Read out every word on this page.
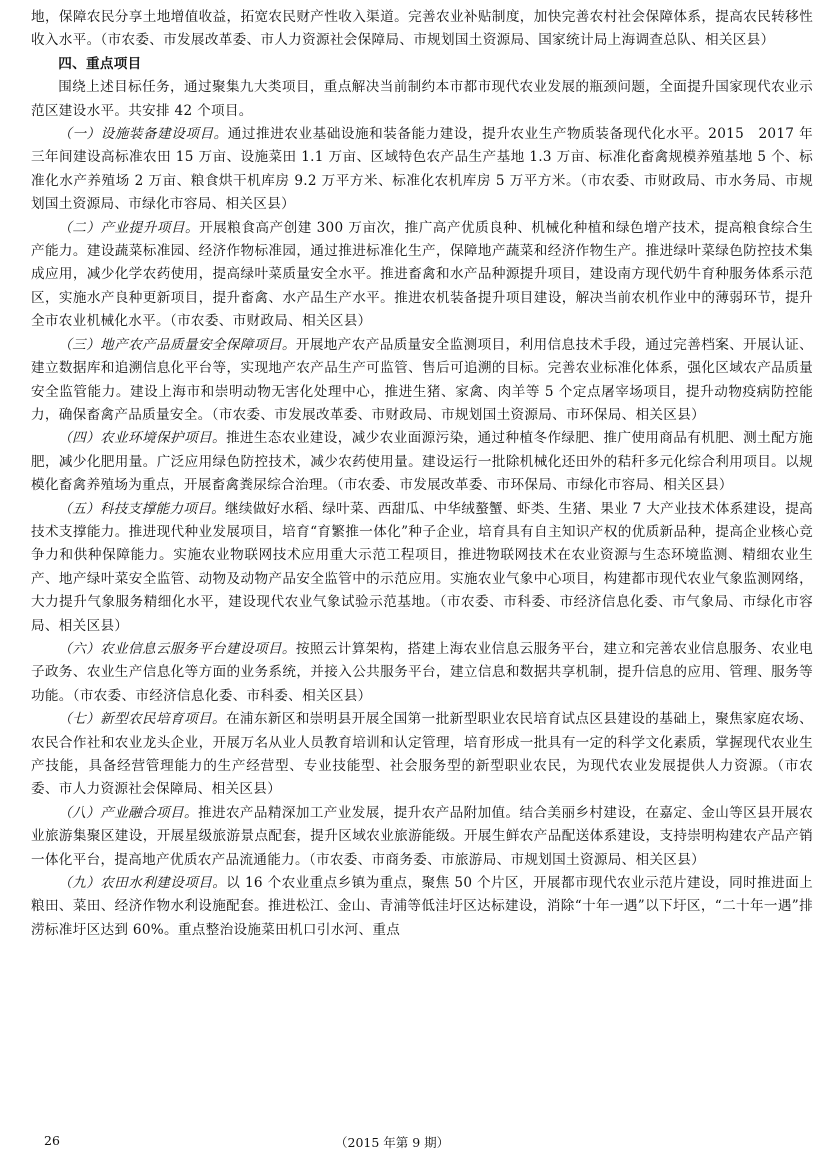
地，保障农民分享土地增值收益，拓宽农民财产性收入渠道。完善农业补贴制度，加快完善农村社会保障体系，提高农民转移性收入水平。（市农委、市发展改革委、市人力资源社会保障局、市规划国土资源局、国家统计局上海调查总队、相关区县）

四、重点项目

围绕上述目标任务，通过聚集九大类项目，重点解决当前制约本市都市现代农业发展的瓶颈问题，全面提升国家现代农业示范区建设水平。共安排 42 个项目。

（一）设施装备建设项目。通过推进农业基础设施和装备能力建设，提升农业生产物质装备现代化水平。2015　2017 年三年间建设高标准农田 15 万亩、设施菜田 1.1 万亩、区域特色农产品生产基地 1.3 万亩、标准化畜禽规模养殖基地 5 个、标准化水产养殖场 2 万亩、粮食烘干机库房 9.2 万平方米、标准化农机库房 5 万平方米。（市农委、市财政局、市水务局、市规划国土资源局、市绿化市容局、相关区县）

（二）产业提升项目。开展粮食高产创建 300 万亩次，推广高产优质良种、机械化种植和绿色增产技术，提高粮食综合生产能力。建设蔬菜标准园、经济作物标准园，通过推进标准化生产，保障地产蔬菜和经济作物生产。推进绿叶菜绿色防控技术集成应用，减少化学农药使用，提高绿叶菜质量安全水平。推进畜禽和水产品种源提升项目，建设南方现代奶牛育种服务体系示范区，实施水产良种更新项目，提升畜禽、水产品生产水平。推进农机装备提升项目建设，解决当前农机作业中的薄弱环节，提升全市农业机械化水平。（市农委、市财政局、相关区县）

（三）地产农产品质量安全保障项目。开展地产农产品质量安全监测项目，利用信息技术手段，通过完善档案、开展认证、建立数据库和追溯信息化平台等，实现地产农产品生产可监管、售后可追溯的目标。完善农业标准化体系，强化区域农产品质量安全监管能力。建设上海市和崇明动物无害化处理中心，推进生猪、家禽、肉羊等 5 个定点屠宰场项目，提升动物疫病防控能力，确保畜禽产品质量安全。（市农委、市发展改革委、市财政局、市规划国土资源局、市环保局、相关区县）

（四）农业环境保护项目。推进生态农业建设，减少农业面源污染，通过种植冬作绿肥、推广使用商品有机肥、测土配方施肥，减少化肥用量。广泛应用绿色防控技术，减少农药使用量。建设运行一批除机械化还田外的秸秆多元化综合利用项目。以规模化畜禽养殖场为重点，开展畜禽粪尿综合治理。（市农委、市发展改革委、市环保局、市绿化市容局、相关区县）

（五）科技支撑能力项目。继续做好水稻、绿叶菜、西甜瓜、中华绒螯蟹、虾类、生猪、果业 7 大产业技术体系建设，提高技术支撑能力。推进现代种业发展项目，培育“育繁推一体化”种子企业，培育具有自主知识产权的优质新品种，提高企业核心竞争力和供种保障能力。实施农业物联网技术应用重大示范工程项目，推进物联网技术在农业资源与生态环境监测、精细农业生产、地产绿叶菜安全监管、动物及动物产品安全监管中的示范应用。实施农业气象中心项目，构建都市现代农业气象监测网络，大力提升气象服务精细化水平，建设现代农业气象试验示范基地。（市农委、市科委、市经济信息化委、市气象局、市绿化市容局、相关区县）

（六）农业信息云服务平台建设项目。按照云计算架构，搭建上海农业信息云服务平台，建立和完善农业信息服务、农业电子政务、农业生产信息化等方面的业务系统，并接入公共服务平台，建立信息和数据共享机制，提升信息的应用、管理、服务等功能。（市农委、市经济信息化委、市科委、相关区县）

（七）新型农民培育项目。在浦东新区和崇明县开展全国第一批新型职业农民培育试点区县建设的基础上，聚焦家庭农场、农民合作社和农业龙头企业，开展万名从业人员教育培训和认定管理，培育形成一批具有一定的科学文化素质，掌握现代农业生产技能，具备经营管理能力的生产经营型、专业技能型、社会服务型的新型职业农民，为现代农业发展提供人力资源。（市农委、市人力资源社会保障局、相关区县）

（八）产业融合项目。推进农产品精深加工产业发展，提升农产品附加值。结合美丽乡村建设，在嘉定、金山等区县开展农业旅游集聚区建设，开展星级旅游景点配套，提升区域农业旅游能级。开展生鲜农产品配送体系建设，支持崇明构建农产品产销一体化平台，提高地产优质农产品流通能力。（市农委、市商务委、市旅游局、市规划国土资源局、相关区县）

（九）农田水利建设项目。以 16 个农业重点乡镇为重点，聚焦 50 个片区，开展都市现代农业示范片建设，同时推进面上粮田、菜田、经济作物水利设施配套。推进松江、金山、青浦等低洼圩区达标建设，消除“十年一遇”以下圩区，“二十年一遇”排涝标准圩区达到 60%。重点整治设施菜田机口引水河、重点

26	（2015 年第 9 期）
